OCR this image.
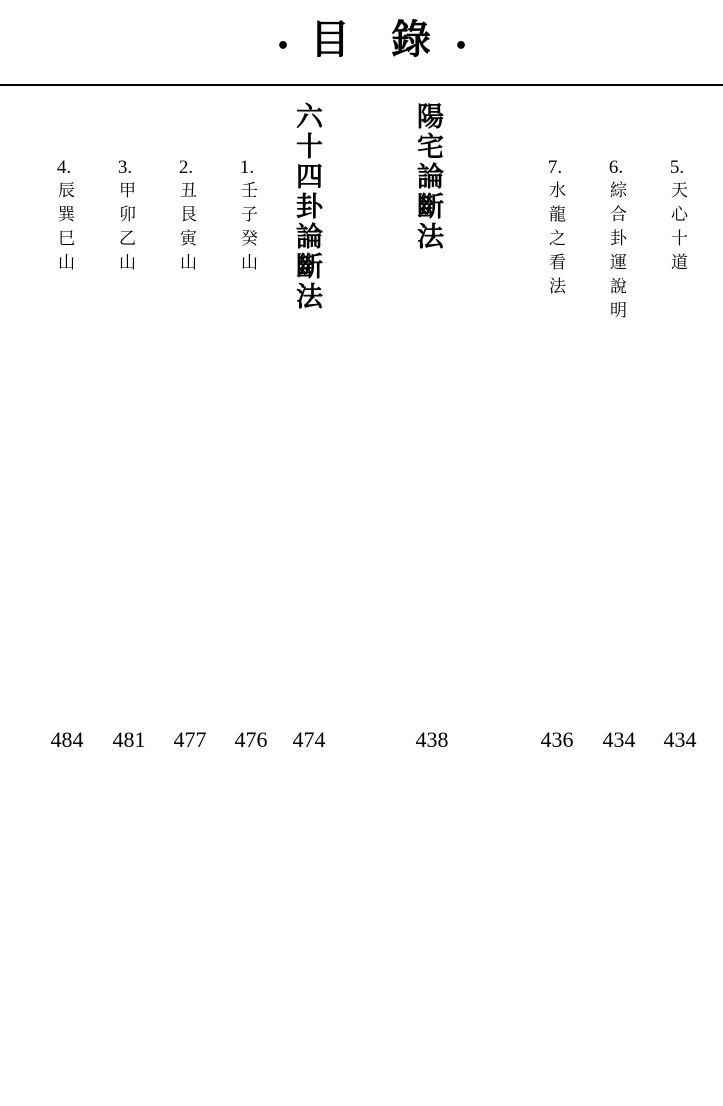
• 目 錄 •
5.
天心十道
434
6.
綜合卦運說明
434
7.
水龍之看法
436
陽宅論斷法
438
六十四卦論斷法
474
1.
壬子癸山
476
2.
丑艮寅山
477
3.
甲卯乙山
481
4.
辰巽巳山
484
